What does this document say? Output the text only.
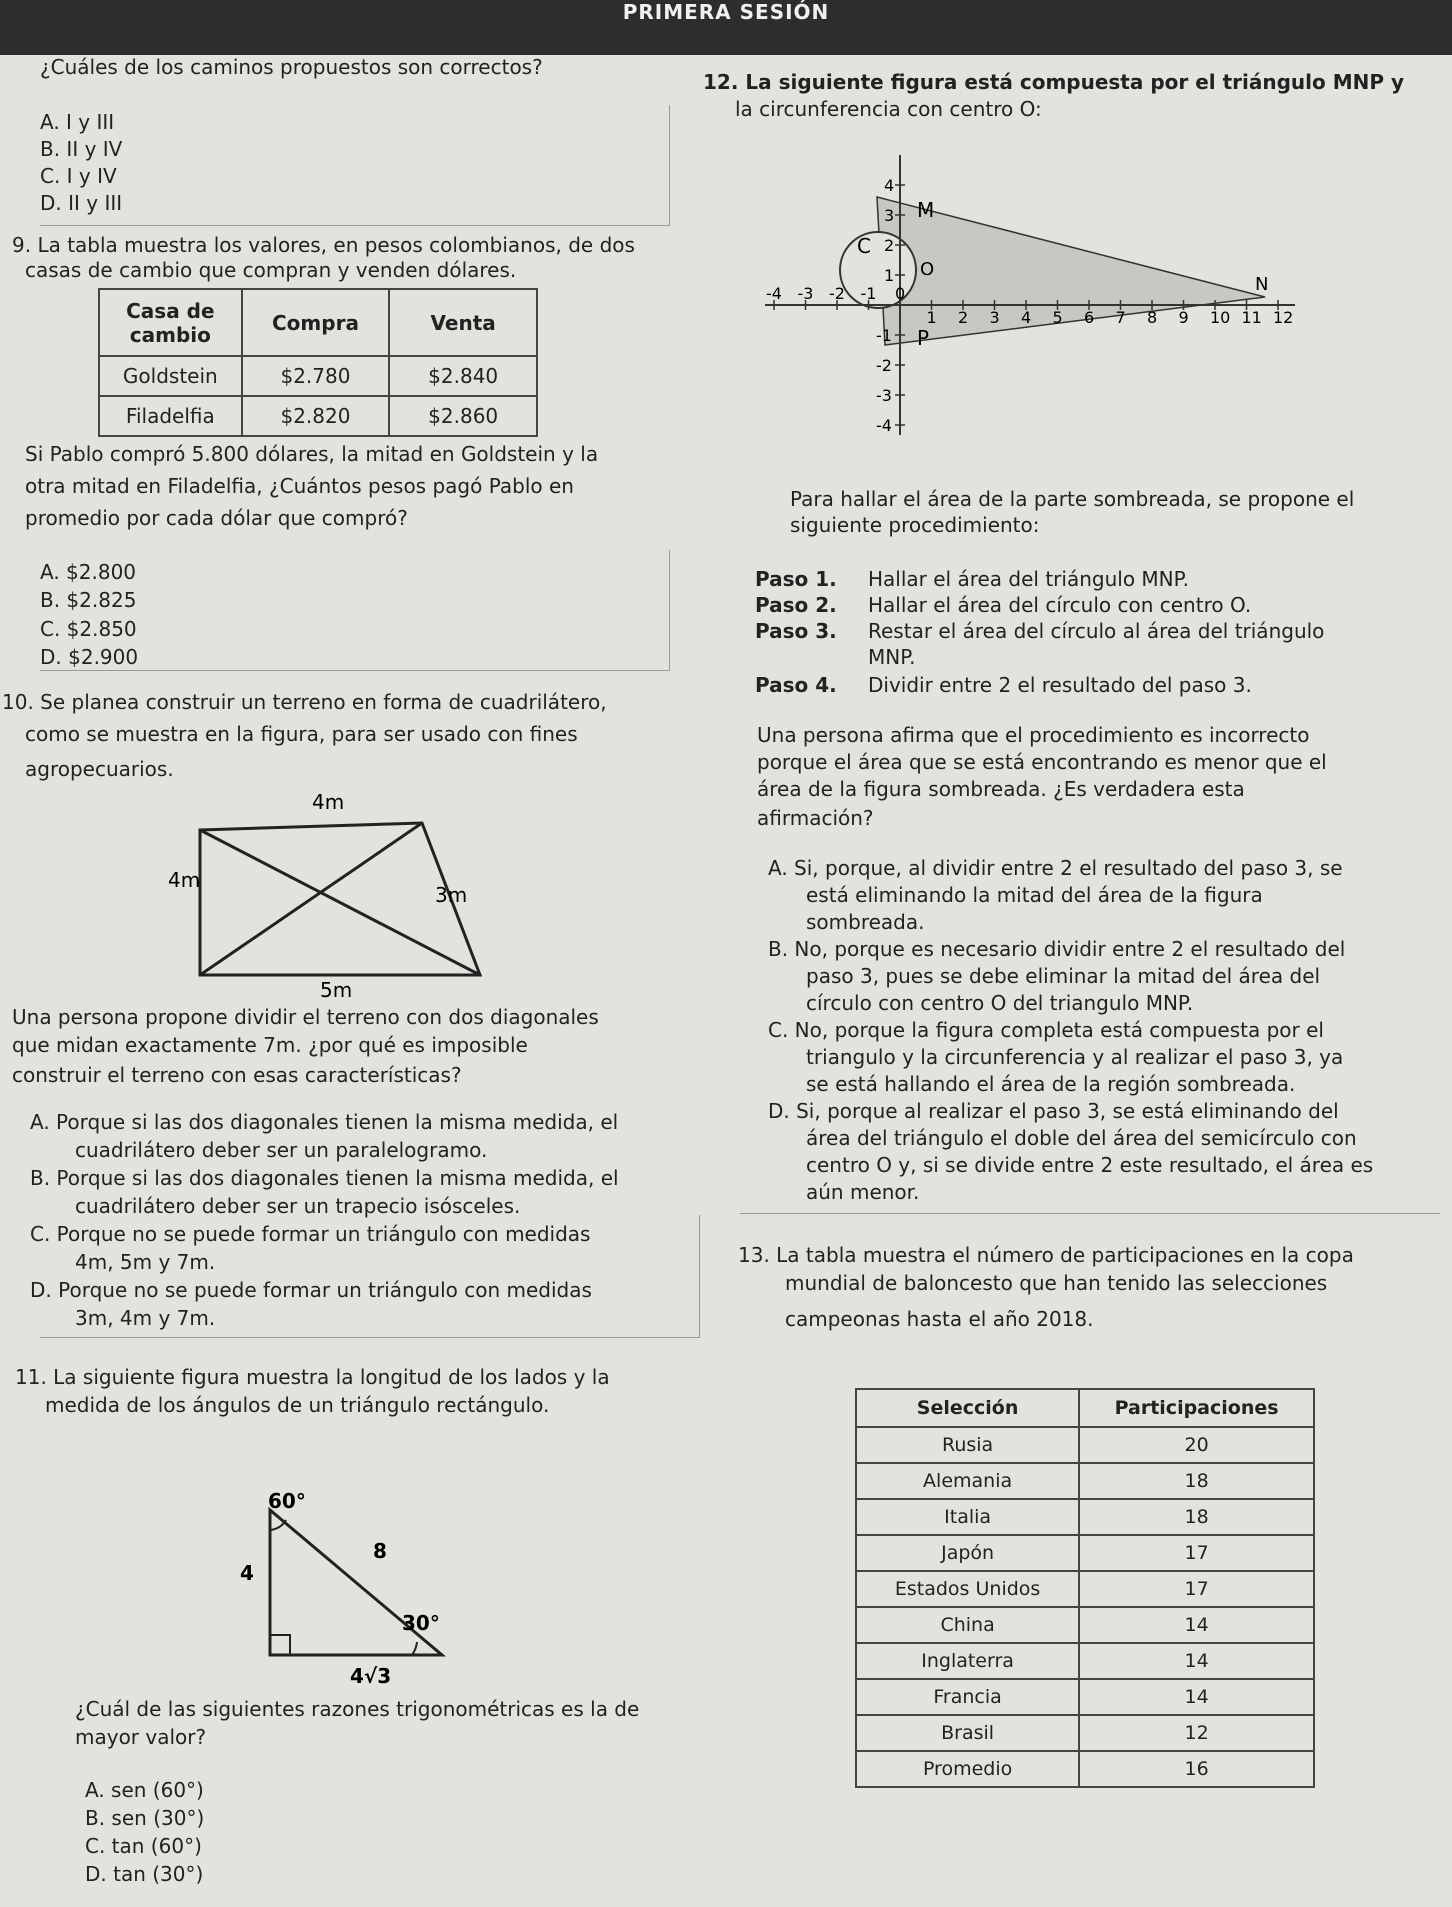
PRIMERA SESIÓN
¿Cuáles de los caminos propuestos son correctos?
A. I y III
B. II y IV
C. I y IV
D. II y III
9. La tabla muestra los valores, en pesos colombianos, de dos
casas de cambio que compran y venden dólares.
Casa de cambio	Compra	Venta
Goldstein	$2.780	$2.840
Filadelfia	$2.820	$2.860
Si Pablo compró 5.800 dólares, la mitad en Goldstein y la
otra mitad en Filadelfia, ¿Cuántos pesos pagó Pablo en
promedio por cada dólar que compró?
A. $2.800
B. $2.825
C. $2.850
D. $2.900
10. Se planea construir un terreno en forma de cuadrilátero,
como se muestra en la figura, para ser usado con fines
agropecuarios.
4m
4m
3m
5m
Una persona propone dividir el terreno con dos diagonales
que midan exactamente 7m. ¿por qué es imposible
construir el terreno con esas características?
A. Porque si las dos diagonales tienen la misma medida, el
cuadrilátero deber ser un paralelogramo.
B. Porque si las dos diagonales tienen la misma medida, el
cuadrilátero deber ser un trapecio isósceles.
C. Porque no se puede formar un triángulo con medidas
4m, 5m y 7m.
D. Porque no se puede formar un triángulo con medidas
3m, 4m y 7m.
11. La siguiente figura muestra la longitud de los lados y la
medida de los ángulos de un triángulo rectángulo.
60°
8
4
30°
4√3
¿Cuál de las siguientes razones trigonométricas es la de
mayor valor?
A. sen (60°)
B. sen (30°)
C. tan (60°)
D. tan (30°)
12. La siguiente figura está compuesta por el triángulo MNP y
la circunferencia con centro O:
-4 -3 -2 -1 0
1 2 3 4 5 6 7 8 9 10 11 12
4
3
2
1
-1
-2
-3
-4
M
N
P
O
C
Para hallar el área de la parte sombreada, se propone el
siguiente procedimiento:
Paso 1. Hallar el área del triángulo MNP.
Paso 2. Hallar el área del círculo con centro O.
Paso 3. Restar el área del círculo al área del triángulo
MNP.
Paso 4. Dividir entre 2 el resultado del paso 3.
Una persona afirma que el procedimiento es incorrecto
porque el área que se está encontrando es menor que el
área de la figura sombreada. ¿Es verdadera esta
afirmación?
A. Si, porque, al dividir entre 2 el resultado del paso 3, se
está eliminando la mitad del área de la figura
sombreada.
B. No, porque es necesario dividir entre 2 el resultado del
paso 3, pues se debe eliminar la mitad del área del
círculo con centro O del triangulo MNP.
C. No, porque la figura completa está compuesta por el
triangulo y la circunferencia y al realizar el paso 3, ya
se está hallando el área de la región sombreada.
D. Si, porque al realizar el paso 3, se está eliminando del
área del triángulo el doble del área del semicírculo con
centro O y, si se divide entre 2 este resultado, el área es
aún menor.
13. La tabla muestra el número de participaciones en la copa
mundial de baloncesto que han tenido las selecciones
campeonas hasta el año 2018.
Selección	Participaciones
Rusia	20
Alemania	18
Italia	18
Japón	17
Estados Unidos	17
China	14
Inglaterra	14
Francia	14
Brasil	12
Promedio	16
